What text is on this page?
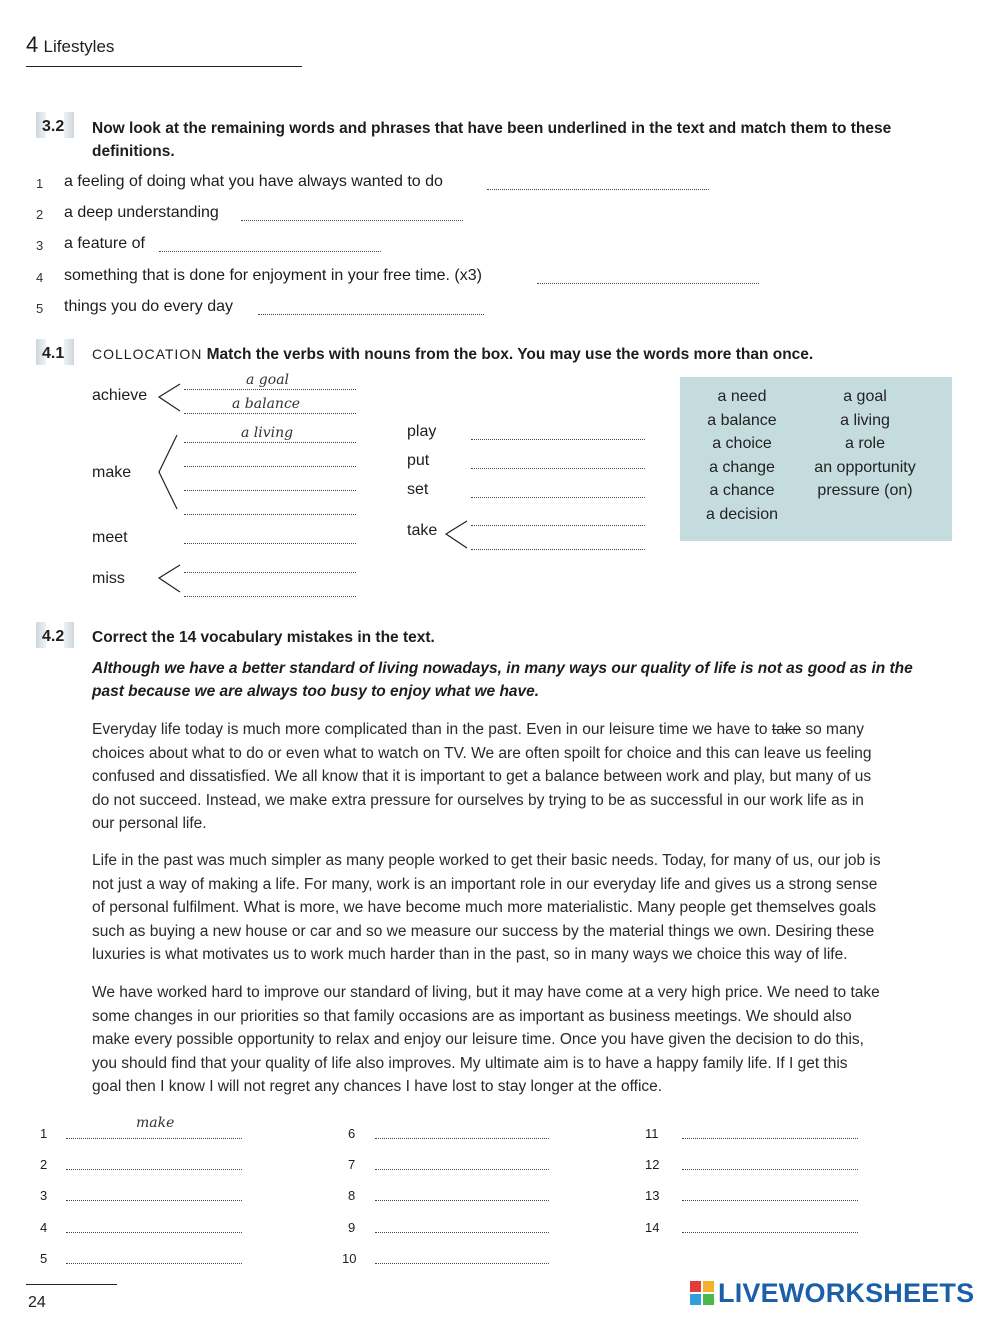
4 Lifestyles
3.2 Now look at the remaining words and phrases that have been underlined in the text and match them to these
definitions.
1 a feeling of doing what you have always wanted to do
2 a deep understanding
3 a feature of
4 something that is done for enjoyment in your free time. (x3)
5 things you do every day
4.1 COLLOCATION Match the verbs with nouns from the box. You may use the words more than once.
achieve
a goal
a balance
make
a living
meet
miss
play
put
set
take
a need
a balance
a choice
a change
a chance
a decision
a goal
a living
a role
an opportunity
pressure (on)
4.2 Correct the 14 vocabulary mistakes in the text.
Although we have a better standard of living nowadays, in many ways our quality of life is not as good as in the
past because we are always too busy to enjoy what we have.
Everyday life today is much more complicated than in the past. Even in our leisure time we have to take so many
choices about what to do or even what to watch on TV. We are often spoilt for choice and this can leave us feeling
confused and dissatisfied. We all know that it is important to get a balance between work and play, but many of us
do not succeed. Instead, we make extra pressure for ourselves by trying to be as successful in our work life as in
our personal life.
Life in the past was much simpler as many people worked to get their basic needs. Today, for many of us, our job is
not just a way of making a life. For many, work is an important role in our everyday life and gives us a strong sense
of personal fulfilment. What is more, we have become much more materialistic. Many people get themselves goals
such as buying a new house or car and so we measure our success by the material things we own. Desiring these
luxuries is what motivates us to work much harder than in the past, so in many ways we choice this way of life.
We have worked hard to improve our standard of living, but it may have come at a very high price. We need to take
some changes in our priorities so that family occasions are as important as business meetings. We should also
make every possible opportunity to relax and enjoy our leisure time. Once you have given the decision to do this,
you should find that your quality of life also improves. My ultimate aim is to have a happy family life. If I get this
goal then I know I will not regret any chances I have lost to stay longer at the office.
make
1
2
3
4
5
6
7
8
9
10
11
12
13
14
24	LIVEWORKSHEETS
